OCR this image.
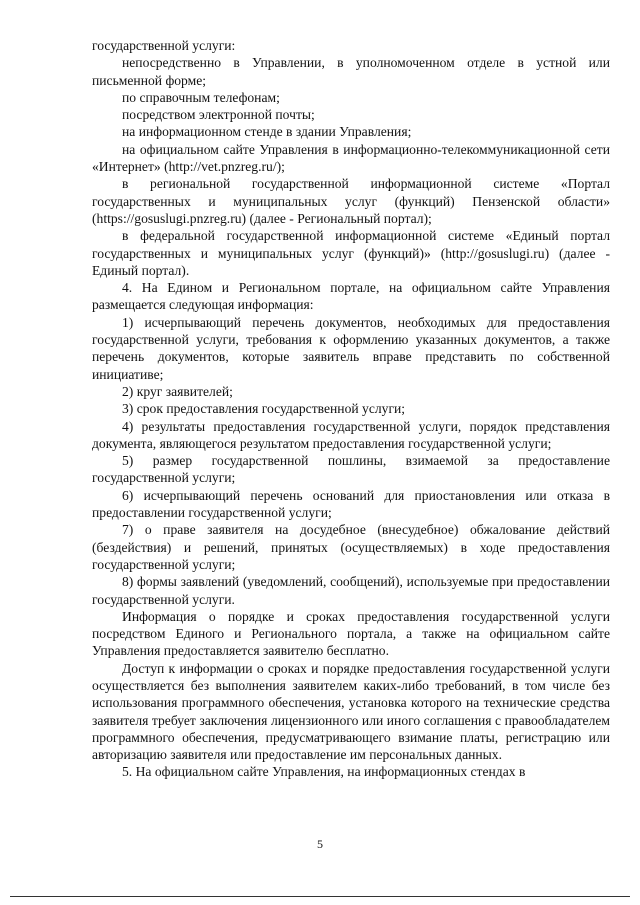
государственной услуги:

непосредственно в Управлении, в уполномоченном отделе в устной или письменной форме;

по справочным телефонам;

посредством электронной почты;

на информационном стенде в здании Управления;

на официальном сайте Управления в информационно-телекоммуникационной сети «Интернет» (http://vet.pnzreg.ru/);

в региональной государственной информационной системе «Портал государственных и муниципальных услуг (функций) Пензенской области» (https://gosuslugi.pnzreg.ru) (далее - Региональный портал);

в федеральной государственной информационной системе «Единый портал государственных и муниципальных услуг (функций)» (http://gosuslugi.ru) (далее - Единый портал).

4. На Едином и Региональном портале, на официальном сайте Управления размещается следующая информация:

1) исчерпывающий перечень документов, необходимых для предоставления государственной услуги, требования к оформлению указанных документов, а также перечень документов, которые заявитель вправе представить по собственной инициативе;

2) круг заявителей;

3) срок предоставления государственной услуги;

4) результаты предоставления государственной услуги, порядок представления документа, являющегося результатом предоставления государственной услуги;

5) размер государственной пошлины, взимаемой за предоставление государственной услуги;

6) исчерпывающий перечень оснований для приостановления или отказа в предоставлении государственной услуги;

7) о праве заявителя на досудебное (внесудебное) обжалование действий (бездействия) и решений, принятых (осуществляемых) в ходе предоставления государственной услуги;

8) формы заявлений (уведомлений, сообщений), используемые при предоставлении государственной услуги.

Информация о порядке и сроках предоставления государственной услуги посредством Единого и Регионального портала, а также на официальном сайте Управления предоставляется заявителю бесплатно.

Доступ к информации о сроках и порядке предоставления государственной услуги осуществляется без выполнения заявителем каких-либо требований, в том числе без использования программного обеспечения, установка которого на технические средства заявителя требует заключения лицензионного или иного соглашения с правообладателем программного обеспечения, предусматривающего взимание платы, регистрацию или авторизацию заявителя или предоставление им персональных данных.

5. На официальном сайте Управления, на информационных стендах в

5
